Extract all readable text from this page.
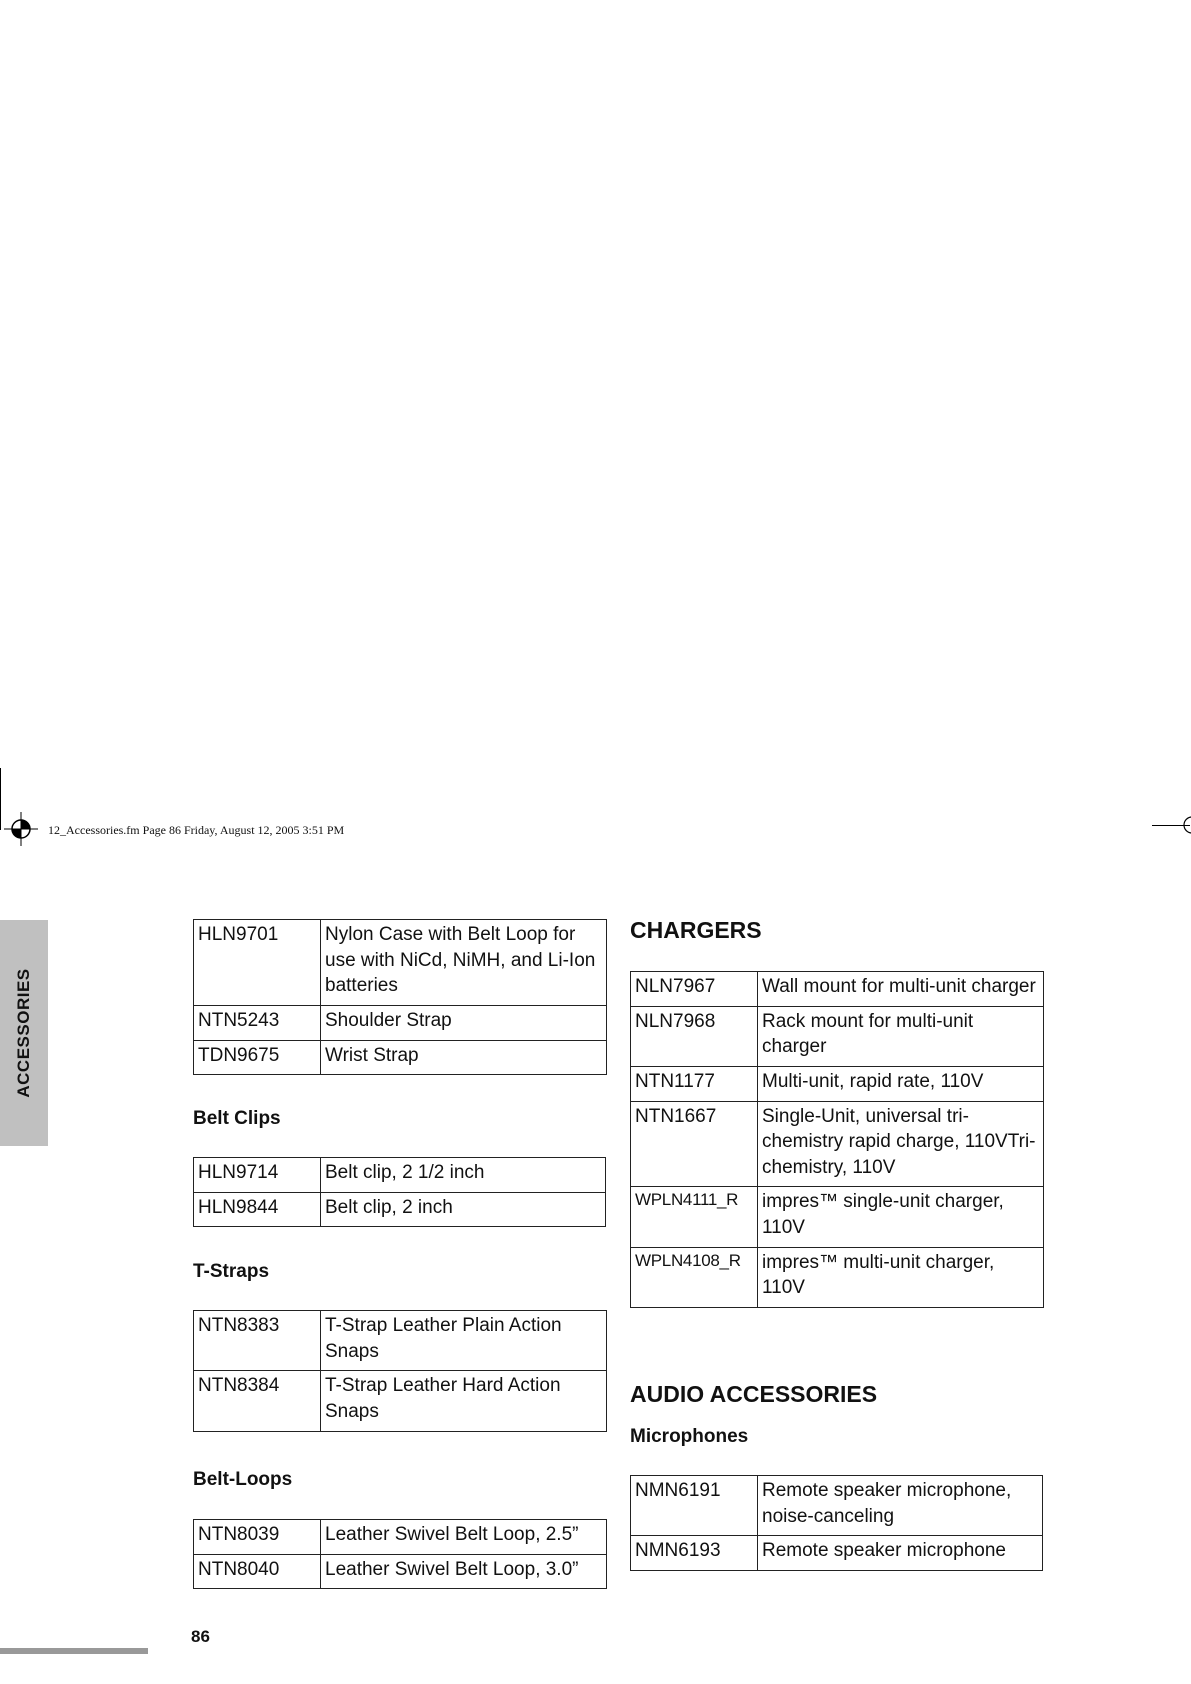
12_Accessories.fm Page 86 Friday, August 12, 2005 3:51 PM
ACCESSORIES
HLN9701	Nylon Case with Belt Loop for use with NiCd, NiMH, and Li-Ion batteries
NTN5243	Shoulder Strap
TDN9675	Wrist Strap
Belt Clips
HLN9714	Belt clip, 2 1/2 inch
HLN9844	Belt clip, 2 inch
T-Straps
NTN8383	T-Strap Leather Plain Action Snaps
NTN8384	T-Strap Leather Hard Action Snaps
Belt-Loops
NTN8039	Leather Swivel Belt Loop, 2.5”
NTN8040	Leather Swivel Belt Loop, 3.0”
CHARGERS
NLN7967	Wall mount for multi-unit charger
NLN7968	Rack mount for multi-unit charger
NTN1177	Multi-unit, rapid rate, 110V
NTN1667	Single-Unit, universal tri-chemistry rapid charge, 110VTri-chemistry, 110V
WPLN4111_R	impres™ single-unit charger, 110V
WPLN4108_R	impres™ multi-unit charger, 110V
AUDIO ACCESSORIES
Microphones
NMN6191	Remote speaker microphone, noise-canceling
NMN6193	Remote speaker microphone
86
